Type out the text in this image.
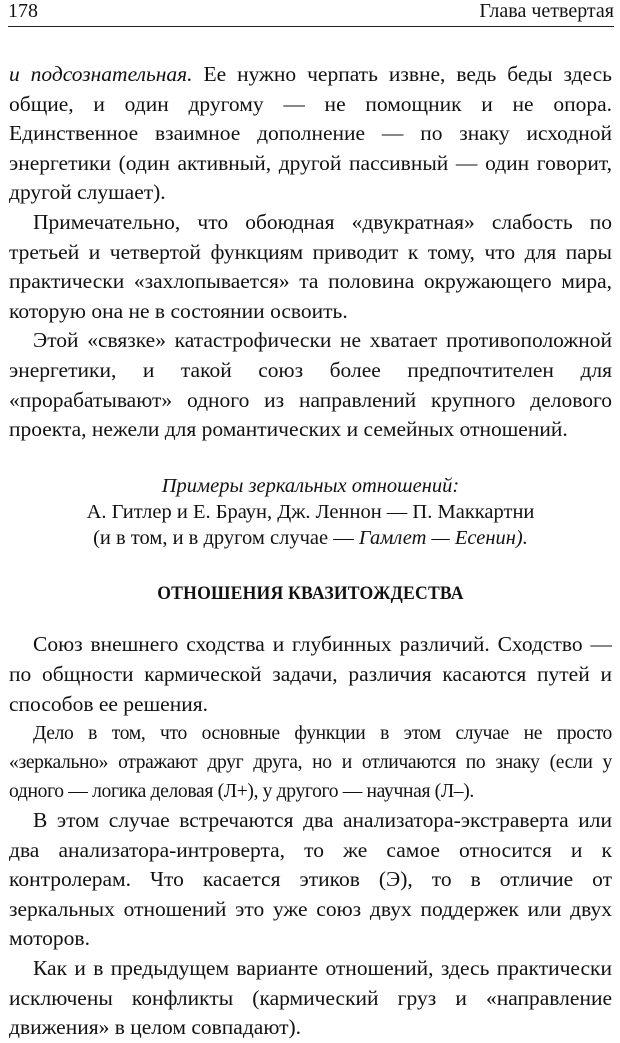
178	Глава четвертая

и подсознательная. Ее нужно черпать извне, ведь беды здесь общие, и один другому — не помощник и не опора. Единственное взаимное дополнение — по знаку исходной энергетики (один активный, другой пассивный — один говорит, другой слушает).

Примечательно, что обоюдная «двукратная» слабость по третьей и четвертой функциям приводит к тому, что для пары практически «захлопывается» та половина окружающего мира, которую она не в состоянии освоить.

Этой «связке» катастрофически не хватает противоположной энергетики, и такой союз более предпочтителен для «прорабатывают» одного из направлений крупного делового проекта, нежели для романтических и семейных отношений.

Примеры зеркальных отношений:
А. Гитлер и Е. Браун, Дж. Леннон — П. Маккартни
(и в том, и в другом случае — Гамлет — Есенин).
ОТНОШЕНИЯ КВАЗИТОЖДЕСТВА

Союз внешнего сходства и глубинных различий. Сходство — по общности кармической задачи, различия касаются путей и способов ее решения.

Дело в том, что основные функции в этом случае не просто «зеркально» отражают друг друга, но и отличаются по знаку (если у одного — логика деловая (Л+), у другого — научная (Л–).

В этом случае встречаются два анализатора-экстраверта или два анализатора-интроверта, то же самое относится и к контролерам. Что касается этиков (Э), то в отличие от зеркальных отношений это уже союз двух поддержек или двух моторов.

Как и в предыдущем варианте отношений, здесь практически исключены конфликты (кармический груз и «направление движения» в целом совпадают).
